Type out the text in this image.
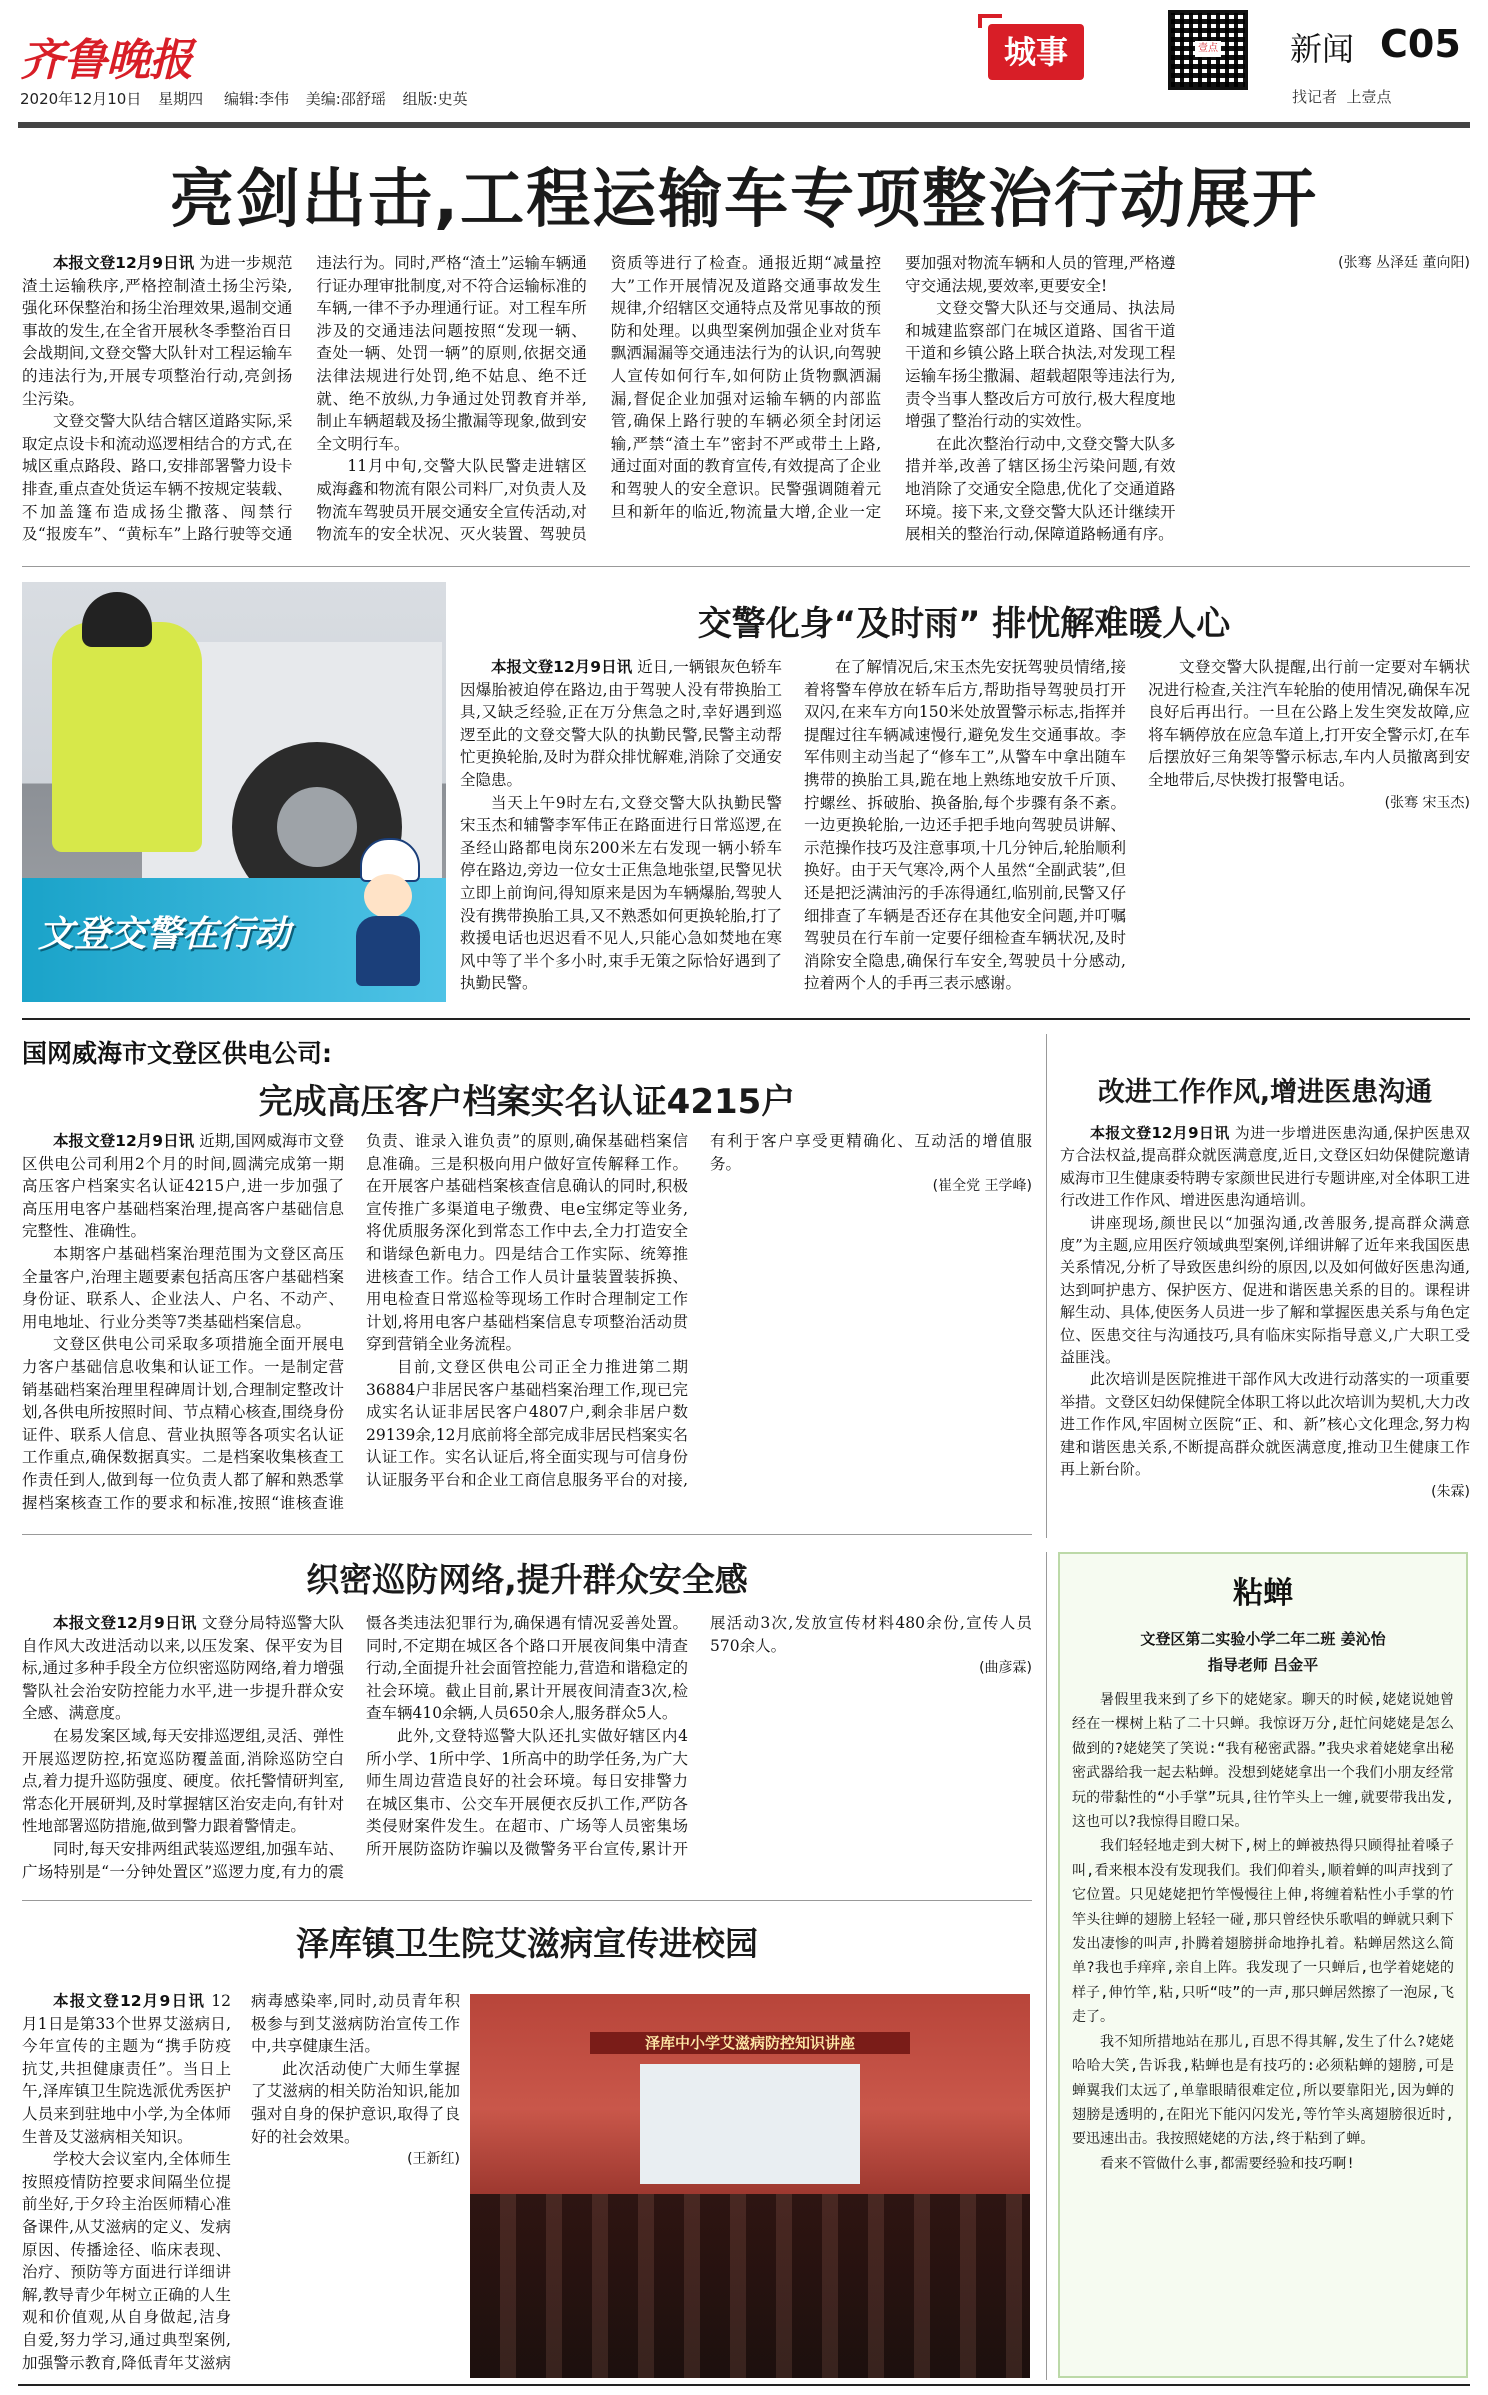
齐鲁晚报
2020年12月10日 星期四 编辑:李伟 美编:邵舒瑶 组版:史英
城事	壹点 新闻 C05
找记者  上壹点
亮剑出击,工程运输车专项整治行动展开

本报文登12月9日讯 为进一步规范渣土运输秩序,严格控制渣土扬尘污染,强化环保整治和扬尘治理效果,遏制交通事故的发生,在全省开展秋冬季整治百日会战期间,文登交警大队针对工程运输车的违法行为,开展专项整治行动,亮剑扬尘污染。

文登交警大队结合辖区道路实际,采取定点设卡和流动巡逻相结合的方式,在城区重点路段、路口,安排部署警力设卡排查,重点查处货运车辆不按规定装载、不加盖篷布造成扬尘撒落、闯禁行及“报废车”、“黄标车”上路行驶等交通违法行为。同时,严格“渣土”运输车辆通行证办理审批制度,对不符合运输标准的车辆,一律不予办理通行证。对工程车所涉及的交通违法问题按照“发现一辆、查处一辆、处罚一辆”的原则,依据交通法律法规进行处罚,绝不姑息、绝不迁就、绝不放纵,力争通过处罚教育并举,制止车辆超载及扬尘撒漏等现象,做到安全文明行车。

11月中旬,交警大队民警走进辖区威海鑫和物流有限公司料厂,对负责人及物流车驾驶员开展交通安全宣传活动,对物流车的安全状况、灭火装置、驾驶员资质等进行了检查。通报近期“减量控大”工作开展情况及道路交通事故发生规律,介绍辖区交通特点及常见事故的预防和处理。以典型案例加强企业对货车飘洒漏漏等交通违法行为的认识,向驾驶人宣传如何行车,如何防止货物飘洒漏漏,督促企业加强对运输车辆的内部监管,确保上路行驶的车辆必须全封闭运输,严禁“渣土车”密封不严或带土上路,通过面对面的教育宣传,有效提高了企业和驾驶人的安全意识。民警强调随着元旦和新年的临近,物流量大增,企业一定要加强对物流车辆和人员的管理,严格遵守交通法规,要效率,更要安全!

文登交警大队还与交通局、执法局和城建监察部门在城区道路、国省干道干道和乡镇公路上联合执法,对发现工程运输车扬尘撒漏、超载超限等违法行为,责令当事人整改后方可放行,极大程度地增强了整治行动的实效性。

在此次整治行动中,文登交警大队多措并举,改善了辖区扬尘污染问题,有效地消除了交通安全隐患,优化了交通道路环境。接下来,文登交警大队还计继续开展相关的整治行动,保障道路畅通有序。

(张骞 丛泽廷 董向阳)
文登交警在行动
交警化身“及时雨” 排忧解难暖人心

本报文登12月9日讯 近日,一辆银灰色轿车因爆胎被迫停在路边,由于驾驶人没有带换胎工具,又缺乏经验,正在万分焦急之时,幸好遇到巡逻至此的文登交警大队的执勤民警,民警主动帮忙更换轮胎,及时为群众排忧解难,消除了交通安全隐患。

当天上午9时左右,文登交警大队执勤民警宋玉杰和辅警李军伟正在路面进行日常巡逻,在圣经山路都电岗东200米左右发现一辆小轿车停在路边,旁边一位女士正焦急地张望,民警见状立即上前询问,得知原来是因为车辆爆胎,驾驶人没有携带换胎工具,又不熟悉如何更换轮胎,打了救援电话也迟迟看不见人,只能心急如焚地在寒风中等了半个多小时,束手无策之际恰好遇到了执勤民警。

在了解情况后,宋玉杰先安抚驾驶员情绪,接着将警车停放在轿车后方,帮助指导驾驶员打开双闪,在来车方向150米处放置警示标志,指挥并提醒过往车辆减速慢行,避免发生交通事故。李军伟则主动当起了“修车工”,从警车中拿出随车携带的换胎工具,跪在地上熟练地安放千斤顶、拧螺丝、拆破胎、换备胎,每个步骤有条不紊。一边更换轮胎,一边还手把手地向驾驶员讲解、示范操作技巧及注意事项,十几分钟后,轮胎顺利换好。由于天气寒冷,两个人虽然“全副武装”,但还是把泛满油污的手冻得通红,临别前,民警又仔细排查了车辆是否还存在其他安全问题,并叮嘱驾驶员在行车前一定要仔细检查车辆状况,及时消除安全隐患,确保行车安全,驾驶员十分感动,拉着两个人的手再三表示感谢。

文登交警大队提醒,出行前一定要对车辆状况进行检查,关注汽车轮胎的使用情况,确保车况良好后再出行。一旦在公路上发生突发故障,应将车辆停放在应急车道上,打开安全警示灯,在车后摆放好三角架等警示标志,车内人员撤离到安全地带后,尽快拨打报警电话。

(张骞 宋玉杰)
国网威海市文登区供电公司:
完成高压客户档案实名认证4215户

本报文登12月9日讯 近期,国网威海市文登区供电公司利用2个月的时间,圆满完成第一期高压客户档案实名认证4215户,进一步加强了高压用电客户基础档案治理,提高客户基础信息完整性、准确性。

本期客户基础档案治理范围为文登区高压全量客户,治理主题要素包括高压客户基础档案身份证、联系人、企业法人、户名、不动产、用电地址、行业分类等7类基础档案信息。

文登区供电公司采取多项措施全面开展电力客户基础信息收集和认证工作。一是制定营销基础档案治理里程碑周计划,合理制定整改计划,各供电所按照时间、节点精心核查,围绕身份证件、联系人信息、营业执照等各项实名认证工作重点,确保数据真实。二是档案收集核查工作责任到人,做到每一位负责人都了解和熟悉掌握档案核查工作的要求和标准,按照“谁核查谁负责、谁录入谁负责”的原则,确保基础档案信息准确。三是积极向用户做好宣传解释工作。在开展客户基础档案核查信息确认的同时,积极宣传推广多渠道电子缴费、电e宝绑定等业务,将优质服务深化到常态工作中去,全力打造安全和谐绿色新电力。四是结合工作实际、统筹推进核查工作。结合工作人员计量装置装拆换、用电检查日常巡检等现场工作时合理制定工作计划,将用电客户基础档案信息专项整治活动贯穿到营销全业务流程。

目前,文登区供电公司正全力推进第二期36884户非居民客户基础档案治理工作,现已完成实名认证非居民客户4807户,剩余非居户数29139余,12月底前将全部完成非居民档案实名认证工作。实名认证后,将全面实现与可信身份认证服务平台和企业工商信息服务平台的对接,有利于客户享受更精确化、互动活的增值服务。

(崔全党 王学峰)
改进工作作风,增进医患沟通

本报文登12月9日讯 为进一步增进医患沟通,保护医患双方合法权益,提高群众就医满意度,近日,文登区妇幼保健院邀请威海市卫生健康委特聘专家颜世民进行专题讲座,对全体职工进行改进工作作风、增进医患沟通培训。

讲座现场,颜世民以“加强沟通,改善服务,提高群众满意度”为主题,应用医疗领域典型案例,详细讲解了近年来我国医患关系情况,分析了导致医患纠纷的原因,以及如何做好医患沟通,达到呵护患方、保护医方、促进和谐医患关系的目的。课程讲解生动、具体,使医务人员进一步了解和掌握医患关系与角色定位、医患交往与沟通技巧,具有临床实际指导意义,广大职工受益匪浅。

此次培训是医院推进干部作风大改进行动落实的一项重要举措。文登区妇幼保健院全体职工将以此次培训为契机,大力改进工作作风,牢固树立医院“正、和、新”核心文化理念,努力构建和谐医患关系,不断提高群众就医满意度,推动卫生健康工作再上新台阶。

(朱霖)
织密巡防网络,提升群众安全感

本报文登12月9日讯 文登分局特巡警大队自作风大改进活动以来,以压发案、保平安为目标,通过多种手段全方位织密巡防网络,着力增强警队社会治安防控能力水平,进一步提升群众安全感、满意度。

在易发案区域,每天安排巡逻组,灵活、弹性开展巡逻防控,拓宽巡防覆盖面,消除巡防空白点,着力提升巡防强度、硬度。依托警情研判室,常态化开展研判,及时掌握辖区治安走向,有针对性地部署巡防措施,做到警力跟着警情走。

同时,每天安排两组武装巡逻组,加强车站、广场特别是“一分钟处置区”巡逻力度,有力的震慑各类违法犯罪行为,确保遇有情况妥善处置。同时,不定期在城区各个路口开展夜间集中清查行动,全面提升社会面管控能力,营造和谐稳定的社会环境。截止目前,累计开展夜间清查3次,检查车辆410余辆,人员650余人,服务群众5人。

此外,文登特巡警大队还扎实做好辖区内4所小学、1所中学、1所高中的助学任务,为广大师生周边营造良好的社会环境。每日安排警力在城区集市、公交车开展便衣反扒工作,严防各类侵财案件发生。在超市、广场等人员密集场所开展防盗防诈骗以及微警务平台宣传,累计开展活动3次,发放宣传材料480余份,宣传人员570余人。

(曲彦霖)
泽库镇卫生院艾滋病宣传进校园

本报文登12月9日讯 12月1日是第33个世界艾滋病日,今年宣传的主题为“携手防疫抗艾,共担健康责任”。当日上午,泽库镇卫生院选派优秀医护人员来到驻地中小学,为全体师生普及艾滋病相关知识。

学校大会议室内,全体师生按照疫情防控要求间隔坐位提前坐好,于夕玲主治医师精心准备课件,从艾滋病的定义、发病原因、传播途径、临床表现、治疗、预防等方面进行详细讲解,教导青少年树立正确的人生观和价值观,从自身做起,洁身自爱,努力学习,通过典型案例,加强警示教育,降低青年艾滋病病毒感染率,同时,动员青年积极参与到艾滋病防治宣传工作中,共享健康生活。

此次活动使广大师生掌握了艾滋病的相关防治知识,能加强对自身的保护意识,取得了良好的社会效果。

(王新红)
泽库中小学艾滋病防控知识讲座
粘蝉
文登区第二实验小学二年二班 姜沁怡
指导老师 吕金平

暑假里我来到了乡下的姥姥家。聊天的时候,姥姥说她曾经在一棵树上粘了二十只蝉。我惊讶万分,赶忙问姥姥是怎么做到的?姥姥笑了笑说:“我有秘密武器。”我央求着姥姥拿出秘密武器给我一起去粘蝉。没想到姥姥拿出一个我们小朋友经常玩的带黏性的“小手掌”玩具,往竹竿头上一缠,就要带我出发,这也可以?我惊得目瞪口呆。

我们轻轻地走到大树下,树上的蝉被热得只顾得扯着嗓子叫,看来根本没有发现我们。我们仰着头,顺着蝉的叫声找到了它位置。只见姥姥把竹竿慢慢往上伸,将缠着粘性小手掌的竹竿头往蝉的翅膀上轻轻一碰,那只曾经快乐歌唱的蝉就只剩下发出凄惨的叫声,扑腾着翅膀拼命地挣扎着。粘蝉居然这么简单?我也手痒痒,亲自上阵。我发现了一只蝉后,也学着姥姥的样子,伸竹竿,粘,只听“吱”的一声,那只蝉居然擦了一泡尿,飞走了。

我不知所措地站在那儿,百思不得其解,发生了什么?姥姥哈哈大笑,告诉我,粘蝉也是有技巧的:必须粘蝉的翅膀,可是蝉翼我们太远了,单靠眼睛很难定位,所以要靠阳光,因为蝉的翅膀是透明的,在阳光下能闪闪发光,等竹竿头离翅膀很近时,要迅速出击。我按照姥姥的方法,终于粘到了蝉。

看来不管做什么事,都需要经验和技巧啊!
